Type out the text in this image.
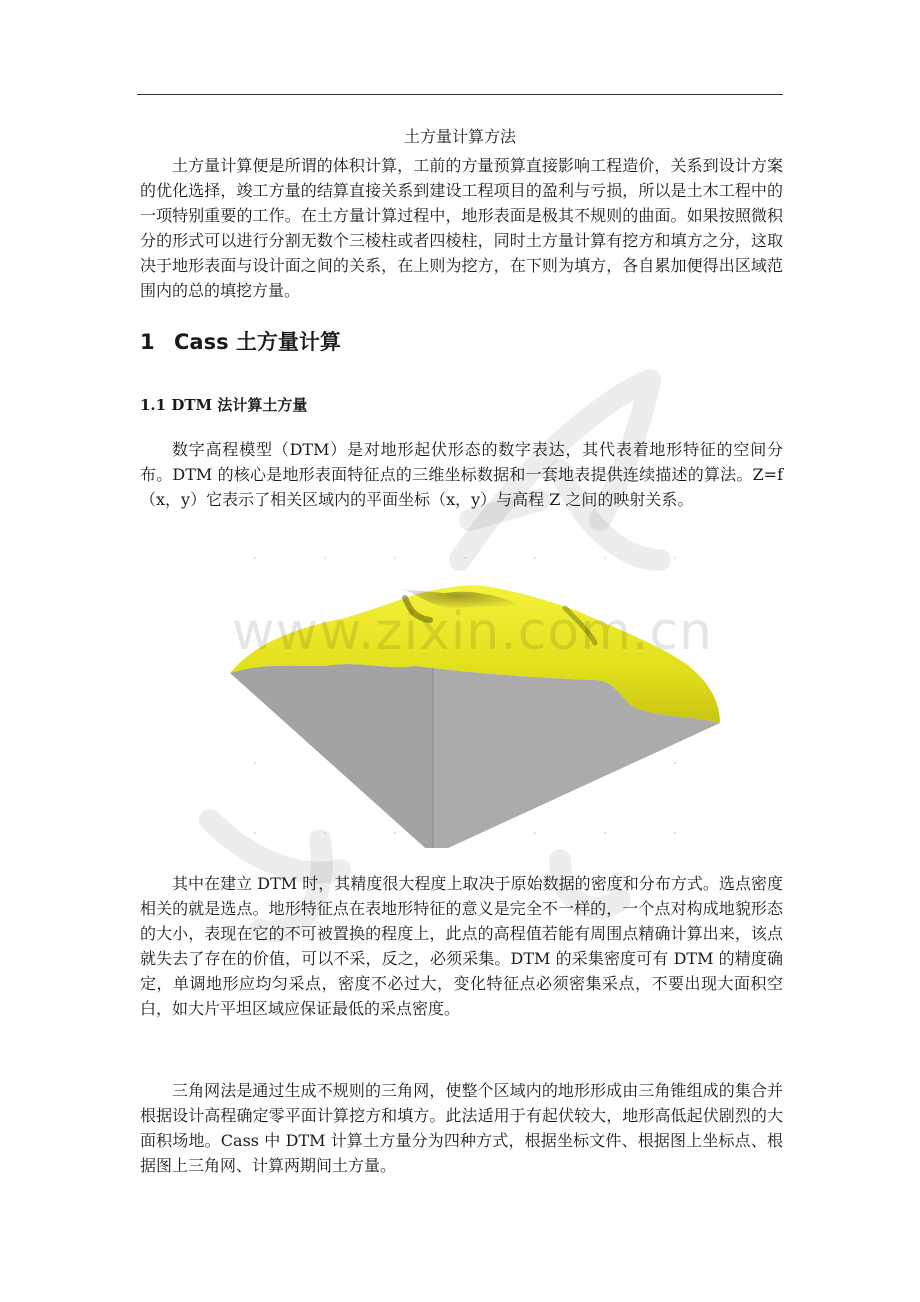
土方量计算方法

土方量计算便是所谓的体积计算，工前的方量预算直接影响工程造价，关系到设计方案的优化选择，竣工方量的结算直接关系到建设工程项目的盈利与亏损，所以是土木工程中的一项特别重要的工作。在土方量计算过程中，地形表面是极其不规则的曲面。如果按照微积分的形式可以进行分割无数个三棱柱或者四棱柱，同时土方量计算有挖方和填方之分，这取决于地形表面与设计面之间的关系，在上则为挖方，在下则为填方，各自累加便得出区域范围内的总的填挖方量。

1 Cass 土方量计算
1.1 DTM 法计算土方量

数字高程模型（DTM）是对地形起伏形态的数字表达，其代表着地形特征的空间分布。DTM 的核心是地形表面特征点的三维坐标数据和一套地表提供连续描述的算法。Z=f（x，y）它表示了相关区域内的平面坐标（x，y）与高程 Z 之间的映射关系。

www.zixin.com.cn

其中在建立 DTM 时，其精度很大程度上取决于原始数据的密度和分布方式。选点密度相关的就是选点。地形特征点在表地形特征的意义是完全不一样的，一个点对构成地貌形态的大小，表现在它的不可被置换的程度上，此点的高程值若能有周围点精确计算出来，该点就失去了存在的价值，可以不采，反之，必须采集。DTM 的采集密度可有 DTM 的精度确定，单调地形应均匀采点，密度不必过大，变化特征点必须密集采点，不要出现大面积空白，如大片平坦区域应保证最低的采点密度。

三角网法是通过生成不规则的三角网，使整个区域内的地形形成由三角锥组成的集合并根据设计高程确定零平面计算挖方和填方。此法适用于有起伏较大，地形高低起伏剧烈的大面积场地。Cass 中 DTM 计算土方量分为四种方式，根据坐标文件、根据图上坐标点、根据图上三角网、计算两期间土方量。
